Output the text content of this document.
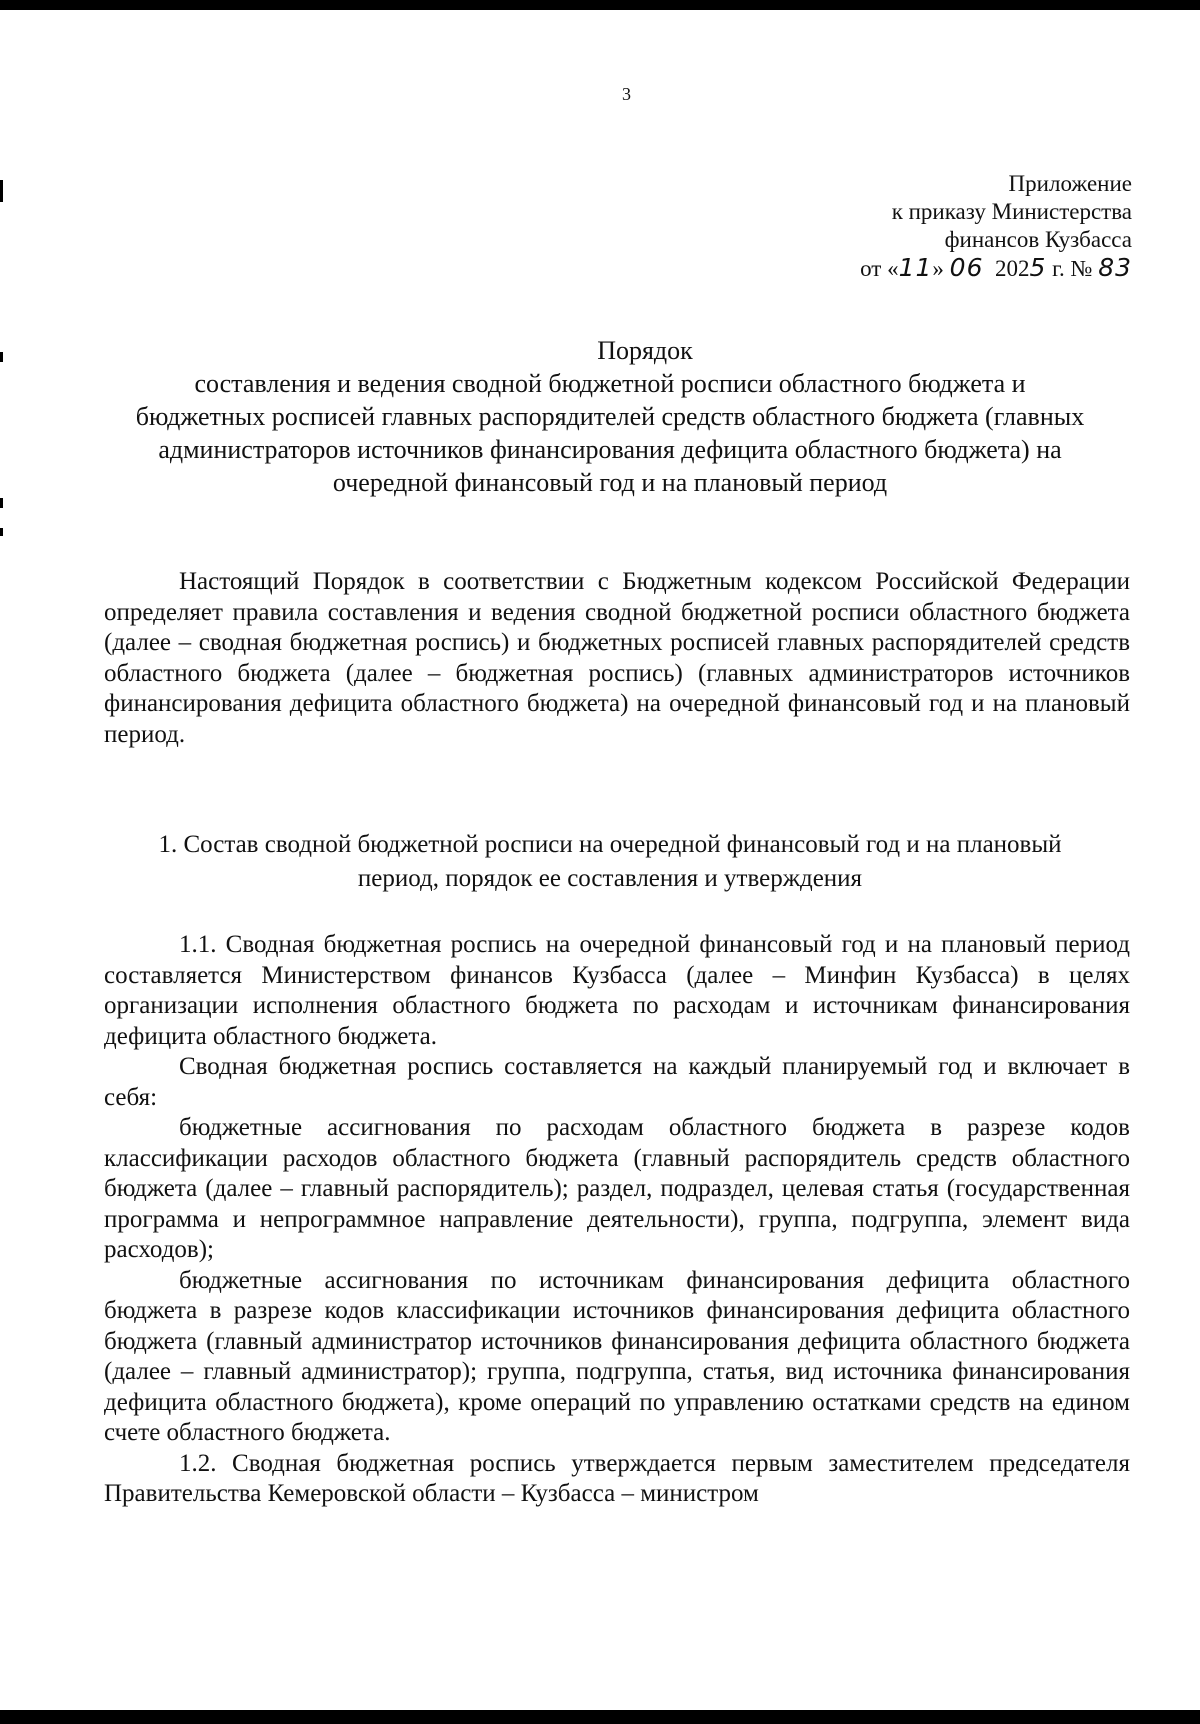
3
Приложение
к приказу Министерства
финансов Кузбасса
от «11» 06 2025 г. № 83
Порядок
составления и ведения сводной бюджетной росписи областного бюджета и бюджетных росписей главных распорядителей средств областного бюджета (главных администраторов источников финансирования дефицита областного бюджета) на очередной финансовый год и на плановый период

Настоящий Порядок в соответствии с Бюджетным кодексом Российской Федерации определяет правила составления и ведения сводной бюджетной росписи областного бюджета (далее – сводная бюджетная роспись) и бюджетных росписей главных распорядителей средств областного бюджета (далее – бюджетная роспись) (главных администраторов источников финансирования дефицита областного бюджета) на очередной финансовый год и на плановый период.

1. Состав сводной бюджетной росписи на очередной финансовый год и на плановый период, порядок ее составления и утверждения

1.1. Сводная бюджетная роспись на очередной финансовый год и на плановый период составляется Министерством финансов Кузбасса (далее – Минфин Кузбасса) в целях организации исполнения областного бюджета по расходам и источникам финансирования дефицита областного бюджета.

Сводная бюджетная роспись составляется на каждый планируемый год и включает в себя:

бюджетные ассигнования по расходам областного бюджета в разрезе кодов классификации расходов областного бюджета (главный распорядитель средств областного бюджета (далее – главный распорядитель); раздел, подраздел, целевая статья (государственная программа и непрограммное направление деятельности), группа, подгруппа, элемент вида расходов);

бюджетные ассигнования по источникам финансирования дефицита областного бюджета в разрезе кодов классификации источников финансирования дефицита областного бюджета (главный администратор источников финансирования дефицита областного бюджета (далее – главный администратор); группа, подгруппа, статья, вид источника финансирования дефицита областного бюджета), кроме операций по управлению остатками средств на едином счете областного бюджета.

1.2. Сводная бюджетная роспись утверждается первым заместителем председателя Правительства Кемеровской области – Кузбасса – министром
